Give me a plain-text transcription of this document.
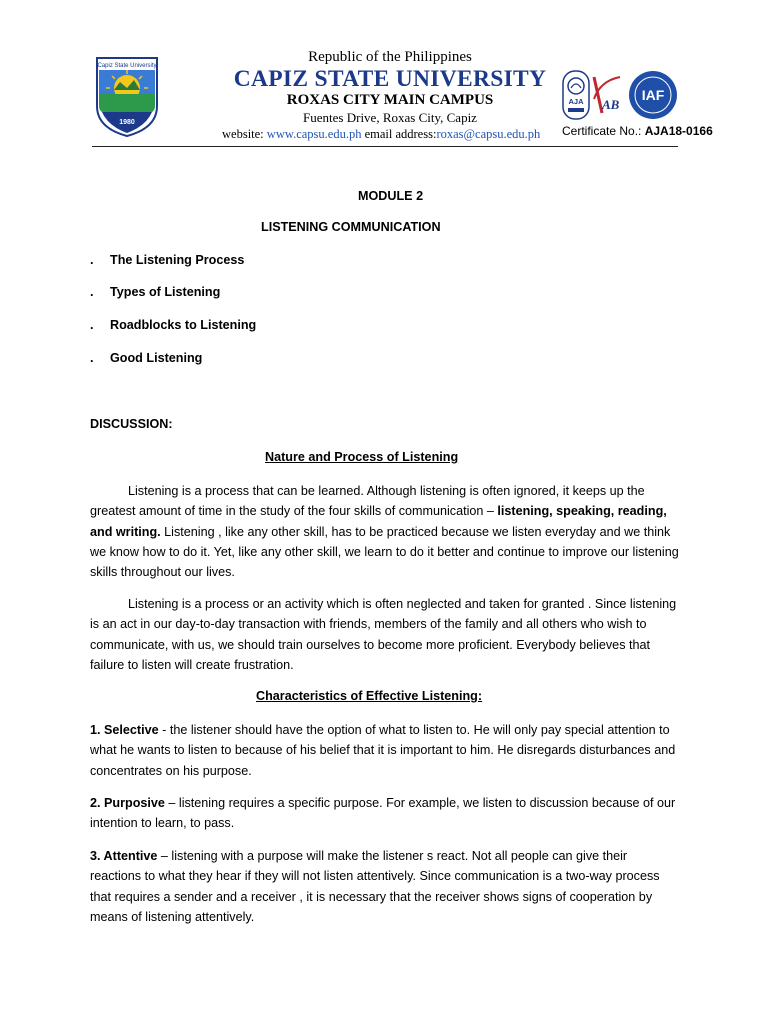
Capiz State University
1980
Republic of the Philippines
CAPIZ STATE UNIVERSITY
ROXAS CITY MAIN CAMPUS
Fuentes Drive, Roxas City, Capiz
website: www.capsu.edu.ph email address:roxas@capsu.edu.ph
AJA AB
IAF
Certificate No.: AJA18-0166
MODULE 2
LISTENING COMMUNICATION
. The Listening Process
. Types of Listening
. Roadblocks to Listening
. Good Listening
DISCUSSION:
Nature and Process of Listening

Listening is a process that can be learned. Although listening is often ignored, it keeps up the greatest amount of time in the study of the four skills of communication – listening, speaking, reading, and writing. Listening , like any other skill, has to be practiced because we listen everyday and we think we know how to do it. Yet, like any other skill, we learn to do it better and continue to improve our listening skills throughout our lives.

Listening is a process or an activity which is often neglected and taken for granted . Since listening is an act in our day-to-day transaction with friends, members of the family and all others who wish to communicate, with us, we should train ourselves to become more proficient. Everybody believes that failure to listen will create frustration.

Characteristics of Effective Listening:

1. Selective - the listener should have the option of what to listen to. He will only pay special attention to what he wants to listen to because of his belief that it is important to him. He disregards disturbances and concentrates on his purpose.

2. Purposive – listening requires a specific purpose. For example, we listen to discussion because of our intention to learn, to pass.

3. Attentive – listening with a purpose will make the listener s react. Not all people can give their reactions to what they hear if they will not listen attentively. Since communication is a two-way process that requires a sender and a receiver , it is necessary that the receiver shows signs of cooperation by means of listening attentively.
